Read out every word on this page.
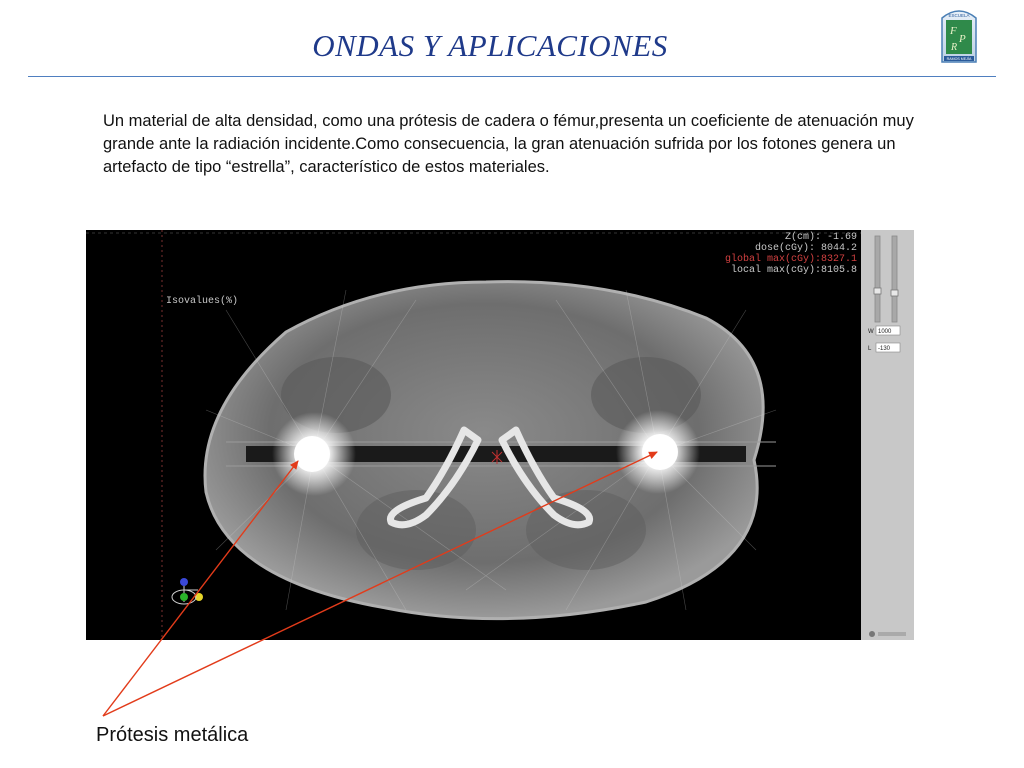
ONDAS Y APLICACIONES	F
P
R
ESCUELA
RAMOS MEJÍA
Un material de alta densidad, como una prótesis de cadera o fémur,presenta un coeficiente de atenuación muy grande ante la radiación incidente.Como consecuencia, la gran atenuación sufrida por los fotones genera un artefacto de tipo “estrella”, característico de estos materiales.
Isovalues(%)
Z(cm): -1.69
dose(cGy): 8044.2
global max(cGy):8327.1
local max(cGy):8105.8
W 1000
L -130
Prótesis metálica
